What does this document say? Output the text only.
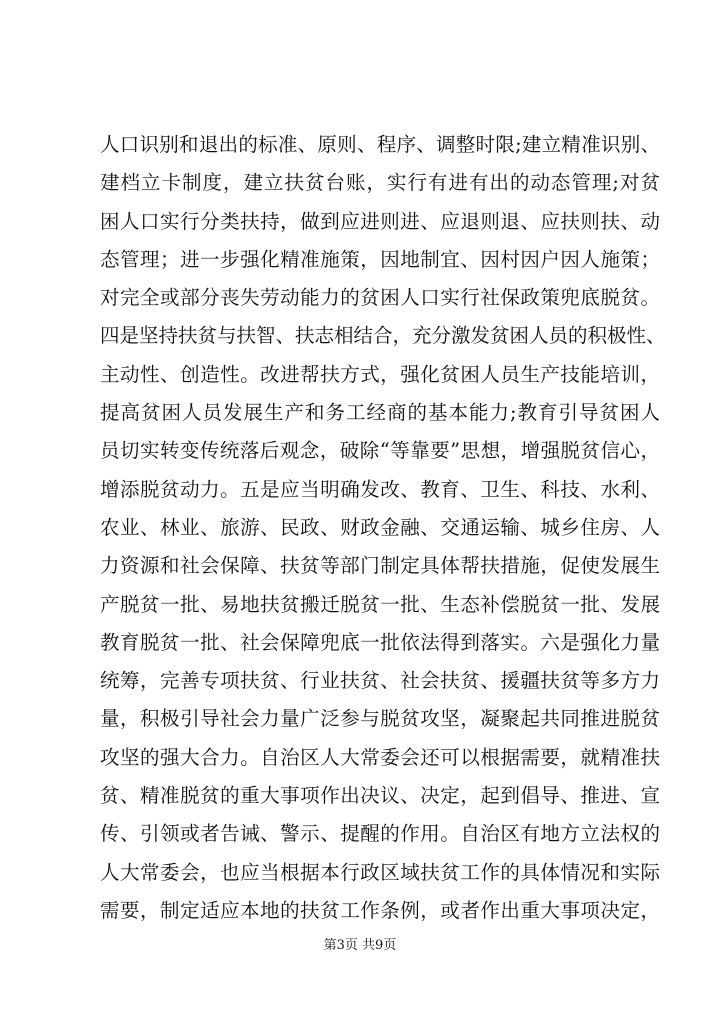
人口识别和退出的标准、原则、程序、调整时限;建立精准识别、
建档立卡制度，建立扶贫台账，实行有进有出的动态管理;对贫
困人口实行分类扶持，做到应进则进、应退则退、应扶则扶、动
态管理；进一步强化精准施策，因地制宜、因村因户因人施策；
对完全或部分丧失劳动能力的贫困人口实行社保政策兜底脱贫。
四是坚持扶贫与扶智、扶志相结合，充分激发贫困人员的积极性、
主动性、创造性。改进帮扶方式，强化贫困人员生产技能培训，
提高贫困人员发展生产和务工经商的基本能力;教育引导贫困人
员切实转变传统落后观念，破除“等靠要”思想，增强脱贫信心，
增添脱贫动力。五是应当明确发改、教育、卫生、科技、水利、
农业、林业、旅游、民政、财政金融、交通运输、城乡住房、人
力资源和社会保障、扶贫等部门制定具体帮扶措施，促使发展生
产脱贫一批、易地扶贫搬迁脱贫一批、生态补偿脱贫一批、发展
教育脱贫一批、社会保障兜底一批依法得到落实。六是强化力量
统筹，完善专项扶贫、行业扶贫、社会扶贫、援疆扶贫等多方力
量，积极引导社会力量广泛参与脱贫攻坚，凝聚起共同推进脱贫
攻坚的强大合力。自治区人大常委会还可以根据需要，就精准扶
贫、精准脱贫的重大事项作出决议、决定，起到倡导、推进、宣
传、引领或者告诫、警示、提醒的作用。自治区有地方立法权的
人大常委会，也应当根据本行政区域扶贫工作的具体情况和实际
需要，制定适应本地的扶贫工作条例，或者作出重大事项决定，
第3页 共9页
